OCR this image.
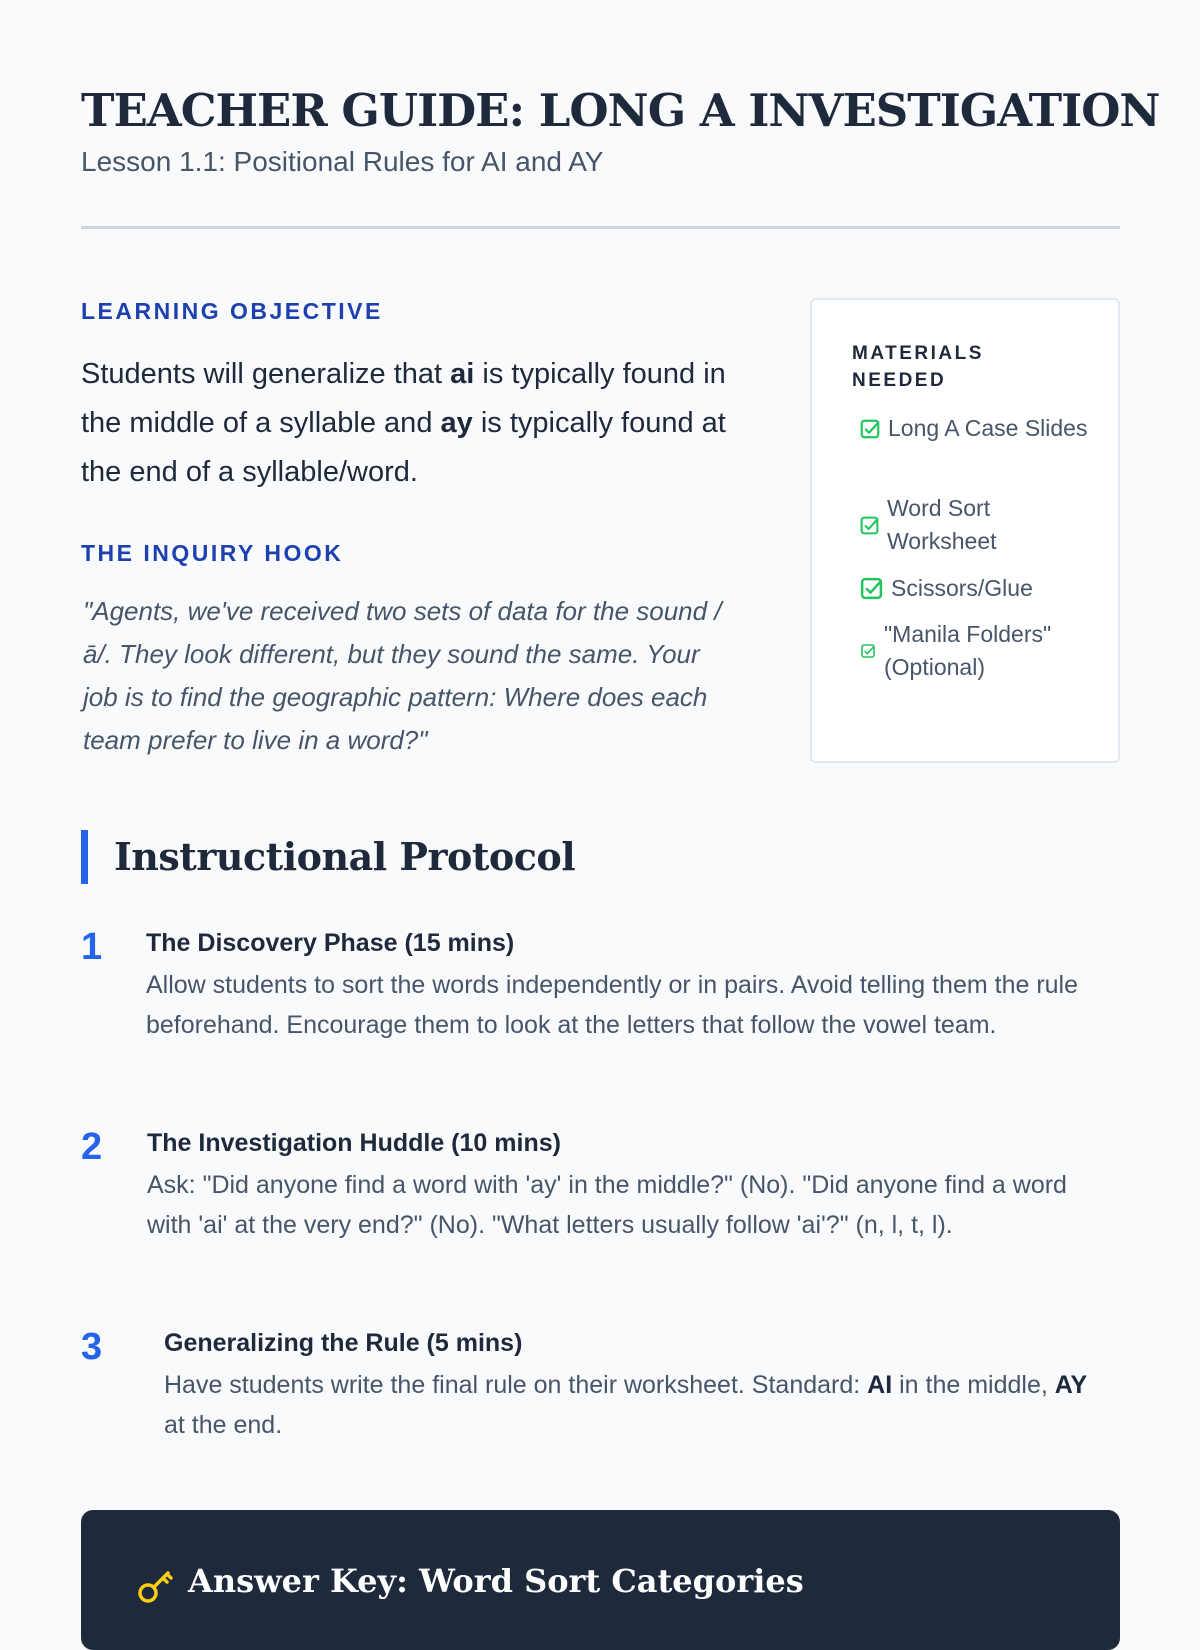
TEACHER GUIDE: LONG A INVESTIGATION
Lesson 1.1: Positional Rules for AI and AY
LEARNING OBJECTIVE
Students will generalize that ai is typically found in the middle of a syllable and ay is typically found at the end of a syllable/word.
THE INQUIRY HOOK
"Agents, we've received two sets of data for the sound /ā/. They look different, but they sound the same. Your job is to find the geographic pattern: Where does each team prefer to live in a word?"
MATERIALS NEEDED
Long A Case Slides
Word Sort Worksheet
Scissors/Glue
"Manila Folders" (Optional)
Instructional Protocol
1 The Discovery Phase (15 mins)
Allow students to sort the words independently or in pairs. Avoid telling them the rule beforehand. Encourage them to look at the letters that follow the vowel team.
2 The Investigation Huddle (10 mins)
Ask: "Did anyone find a word with 'ay' in the middle?" (No). "Did anyone find a word with 'ai' at the very end?" (No). "What letters usually follow 'ai'?" (n, l, t, l).
3 Generalizing the Rule (5 mins)
Have students write the final rule on their worksheet. Standard: AI in the middle, AY at the end.
Answer Key: Word Sort Categories
